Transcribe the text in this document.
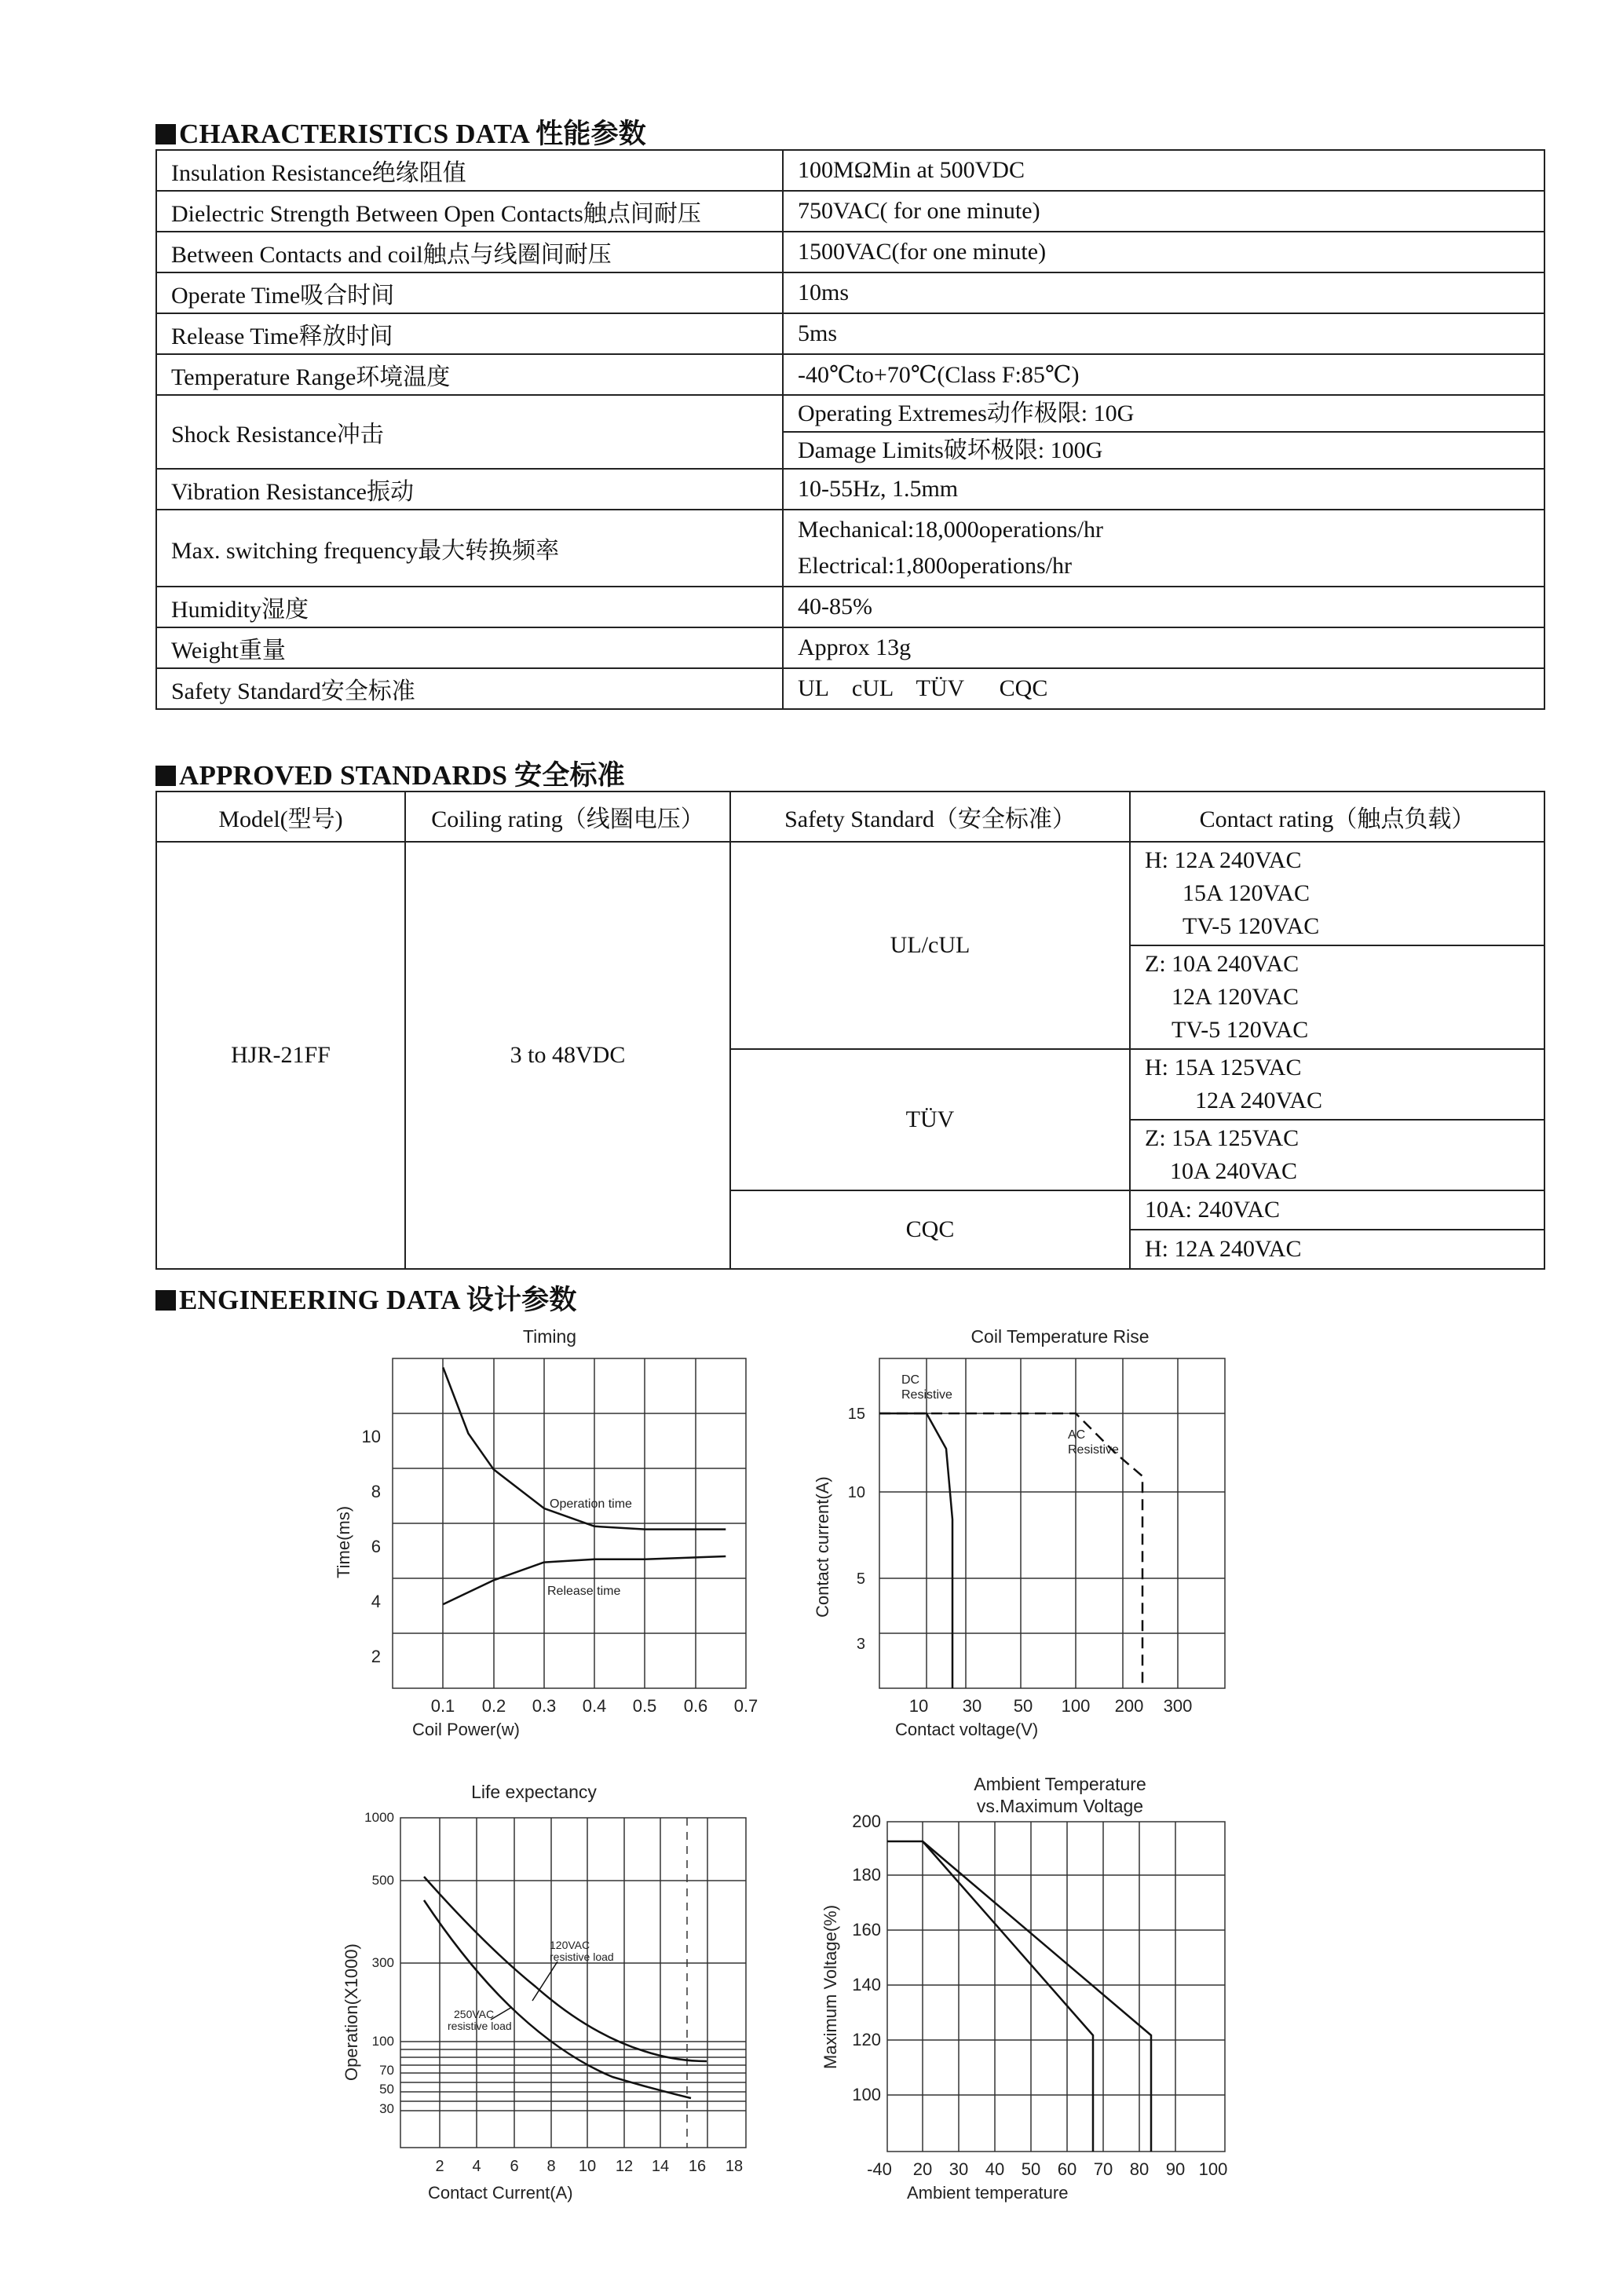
CHARACTERISTICS DATA 性能参数
Insulation Resistance绝缘阻值	100MΩMin at 500VDC
Dielectric Strength Between Open Contacts触点间耐压	750VAC( for one minute)
Between Contacts and coil触点与线圈间耐压	1500VAC(for one minute)
Operate Time吸合时间	10ms
Release Time释放时间	5ms
Temperature Range环境温度	-40℃to+70℃(Class F:85℃)
Shock Resistance冲击	Operating Extremes动作极限: 10G
Damage Limits破坏极限: 100G

Vibration Resistance振动	10-55Hz, 1.5mm
Max. switching frequency最大转换频率	Mechanical:18,000operations/hr
Electrical:1,800operations/hr

Humidity湿度	40-85%
Weight重量	Approx 13g
Safety Standard安全标准	UL    cUL    TÜV      CQC
APPROVED STANDARDS 安全标准
Model(型号)	Coiling rating（线圈电压）	Safety Standard（安全标准）	Contact rating（触点负载）
HJR-21FF	3 to 48VDC	UL/cUL	H: 12A 240VAC
15A 120VAC
TV-5 120VAC

			Z: 10A 240VAC
12A 120VAC
TV-5 120VAC

		TÜV	H: 15A 125VAC
12A 240VAC

			Z: 15A 125VAC
10A 240VAC

		CQC	10A: 240VAC
H: 12A 240VAC
ENGINEERING DATA 设计参数
Timing
0.1 0.2 0.3 0.4 0.5 0.6 0.7
2
4
6
8
10
Coil Power(w)
Time(ms)
Operation time
Release time
Coil Temperature Rise
10 30 50 100 200 300
3
5
10
15
Contact voltage(V)
Contact current(A)
DC
Resistive
AC
Resistive
Life expectancy
2 4 6 8 10 12 14 16 18
30
50
70
100
300
500
1000
Contact Current(A)
Operation(X1000)	120VAC
resistive load
250VAC
resistive load
Ambient Temperature
vs.Maximum Voltage
-40 20 30 40 50 60 70 80 90 100
100
120
140
160
180
200
Ambient temperature
Maximum Voltage(%)
